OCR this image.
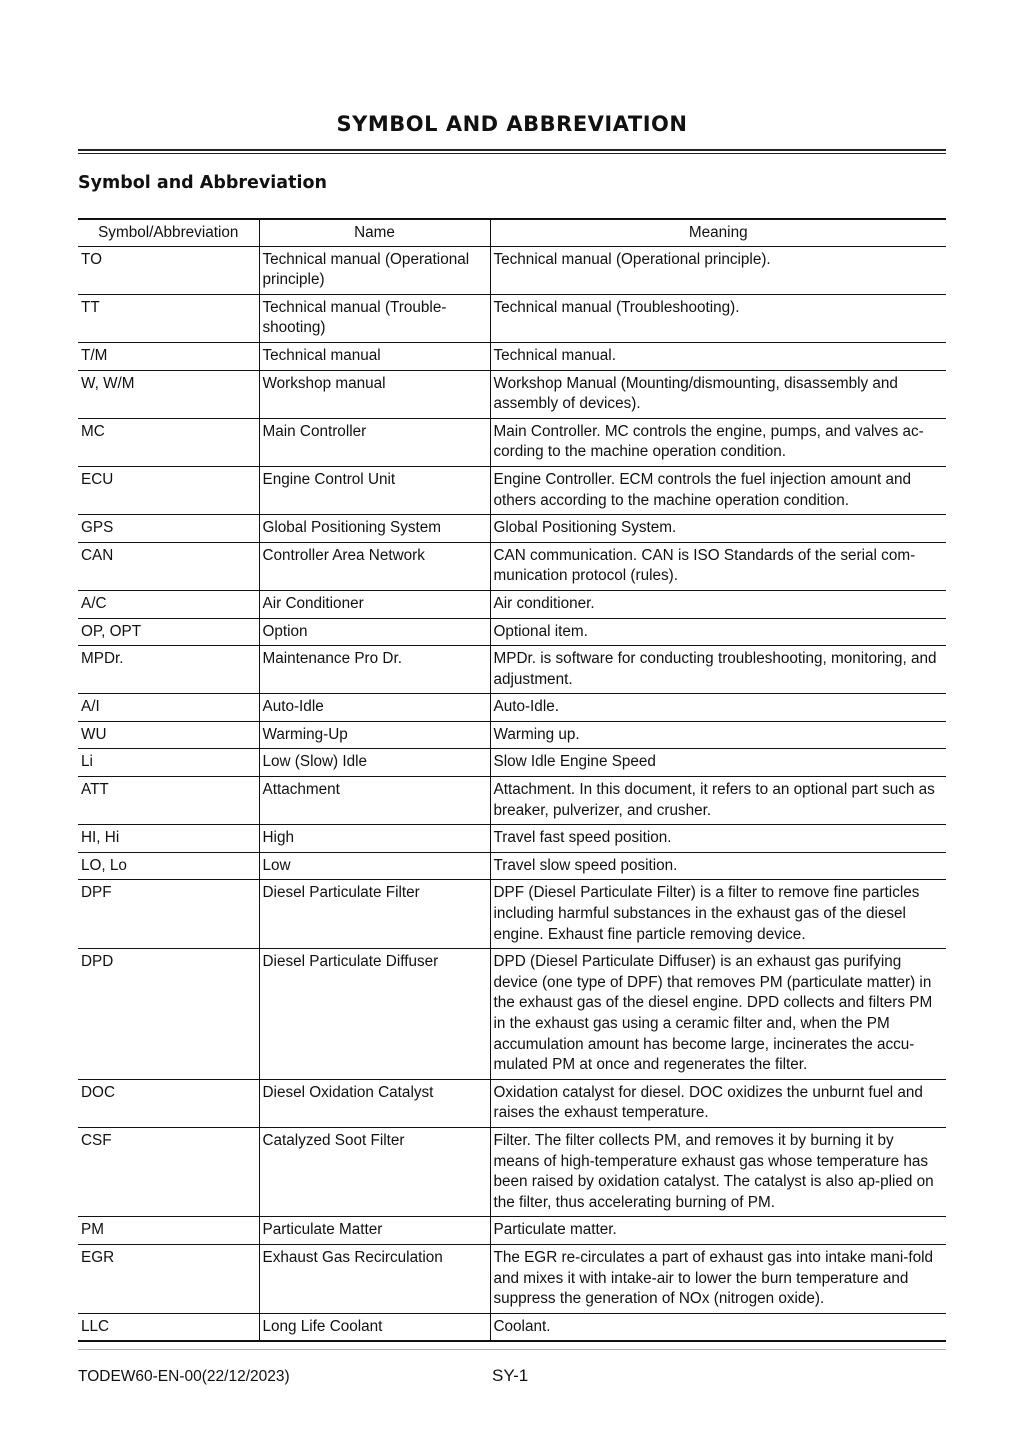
SYMBOL AND ABBREVIATION
Symbol and Abbreviation
Symbol/Abbreviation	Name	Meaning
TO	Technical manual (Operational principle)	Technical manual (Operational principle).
TT	Technical manual (Trouble-shooting)	Technical manual (Troubleshooting).
T/M	Technical manual	Technical manual.
W, W/M	Workshop manual	Workshop Manual (Mounting/dismounting, disassembly and assembly of devices).
MC	Main Controller	Main Controller. MC controls the engine, pumps, and valves ac-cording to the machine operation condition.
ECU	Engine Control Unit	Engine Controller. ECM controls the fuel injection amount and others according to the machine operation condition.
GPS	Global Positioning System	Global Positioning System.
CAN	Controller Area Network	CAN communication. CAN is ISO Standards of the serial com-munication protocol (rules).
A/C	Air Conditioner	Air conditioner.
OP, OPT	Option	Optional item.
MPDr.	Maintenance Pro Dr.	MPDr. is software for conducting troubleshooting, monitoring, and adjustment.
A/I	Auto-Idle	Auto-Idle.
WU	Warming-Up	Warming up.
Li	Low (Slow) Idle	Slow Idle Engine Speed
ATT	Attachment	Attachment. In this document, it refers to an optional part such as breaker, pulverizer, and crusher.
HI, Hi	High	Travel fast speed position.
LO, Lo	Low	Travel slow speed position.
DPF	Diesel Particulate Filter	DPF (Diesel Particulate Filter) is a filter to remove fine particles including harmful substances in the exhaust gas of the diesel engine. Exhaust fine particle removing device.
DPD	Diesel Particulate Diffuser	DPD (Diesel Particulate Diffuser) is an exhaust gas purifying device (one type of DPF) that removes PM (particulate matter) in the exhaust gas of the diesel engine. DPD collects and filters PM in the exhaust gas using a ceramic filter and, when the PM accumulation amount has become large, incinerates the accu-mulated PM at once and regenerates the filter.
DOC	Diesel Oxidation Catalyst	Oxidation catalyst for diesel. DOC oxidizes the unburnt fuel and raises the exhaust temperature.
CSF	Catalyzed Soot Filter	Filter. The filter collects PM, and removes it by burning it by means of high-temperature exhaust gas whose temperature has been raised by oxidation catalyst. The catalyst is also ap-plied on the filter, thus accelerating burning of PM.
PM	Particulate Matter	Particulate matter.
EGR	Exhaust Gas Recirculation	The EGR re-circulates a part of exhaust gas into intake mani-fold and mixes it with intake-air to lower the burn temperature and suppress the generation of NOx (nitrogen oxide).
LLC	Long Life Coolant	Coolant.
TODEW60-EN-00(22/12/2023)	SY-1
